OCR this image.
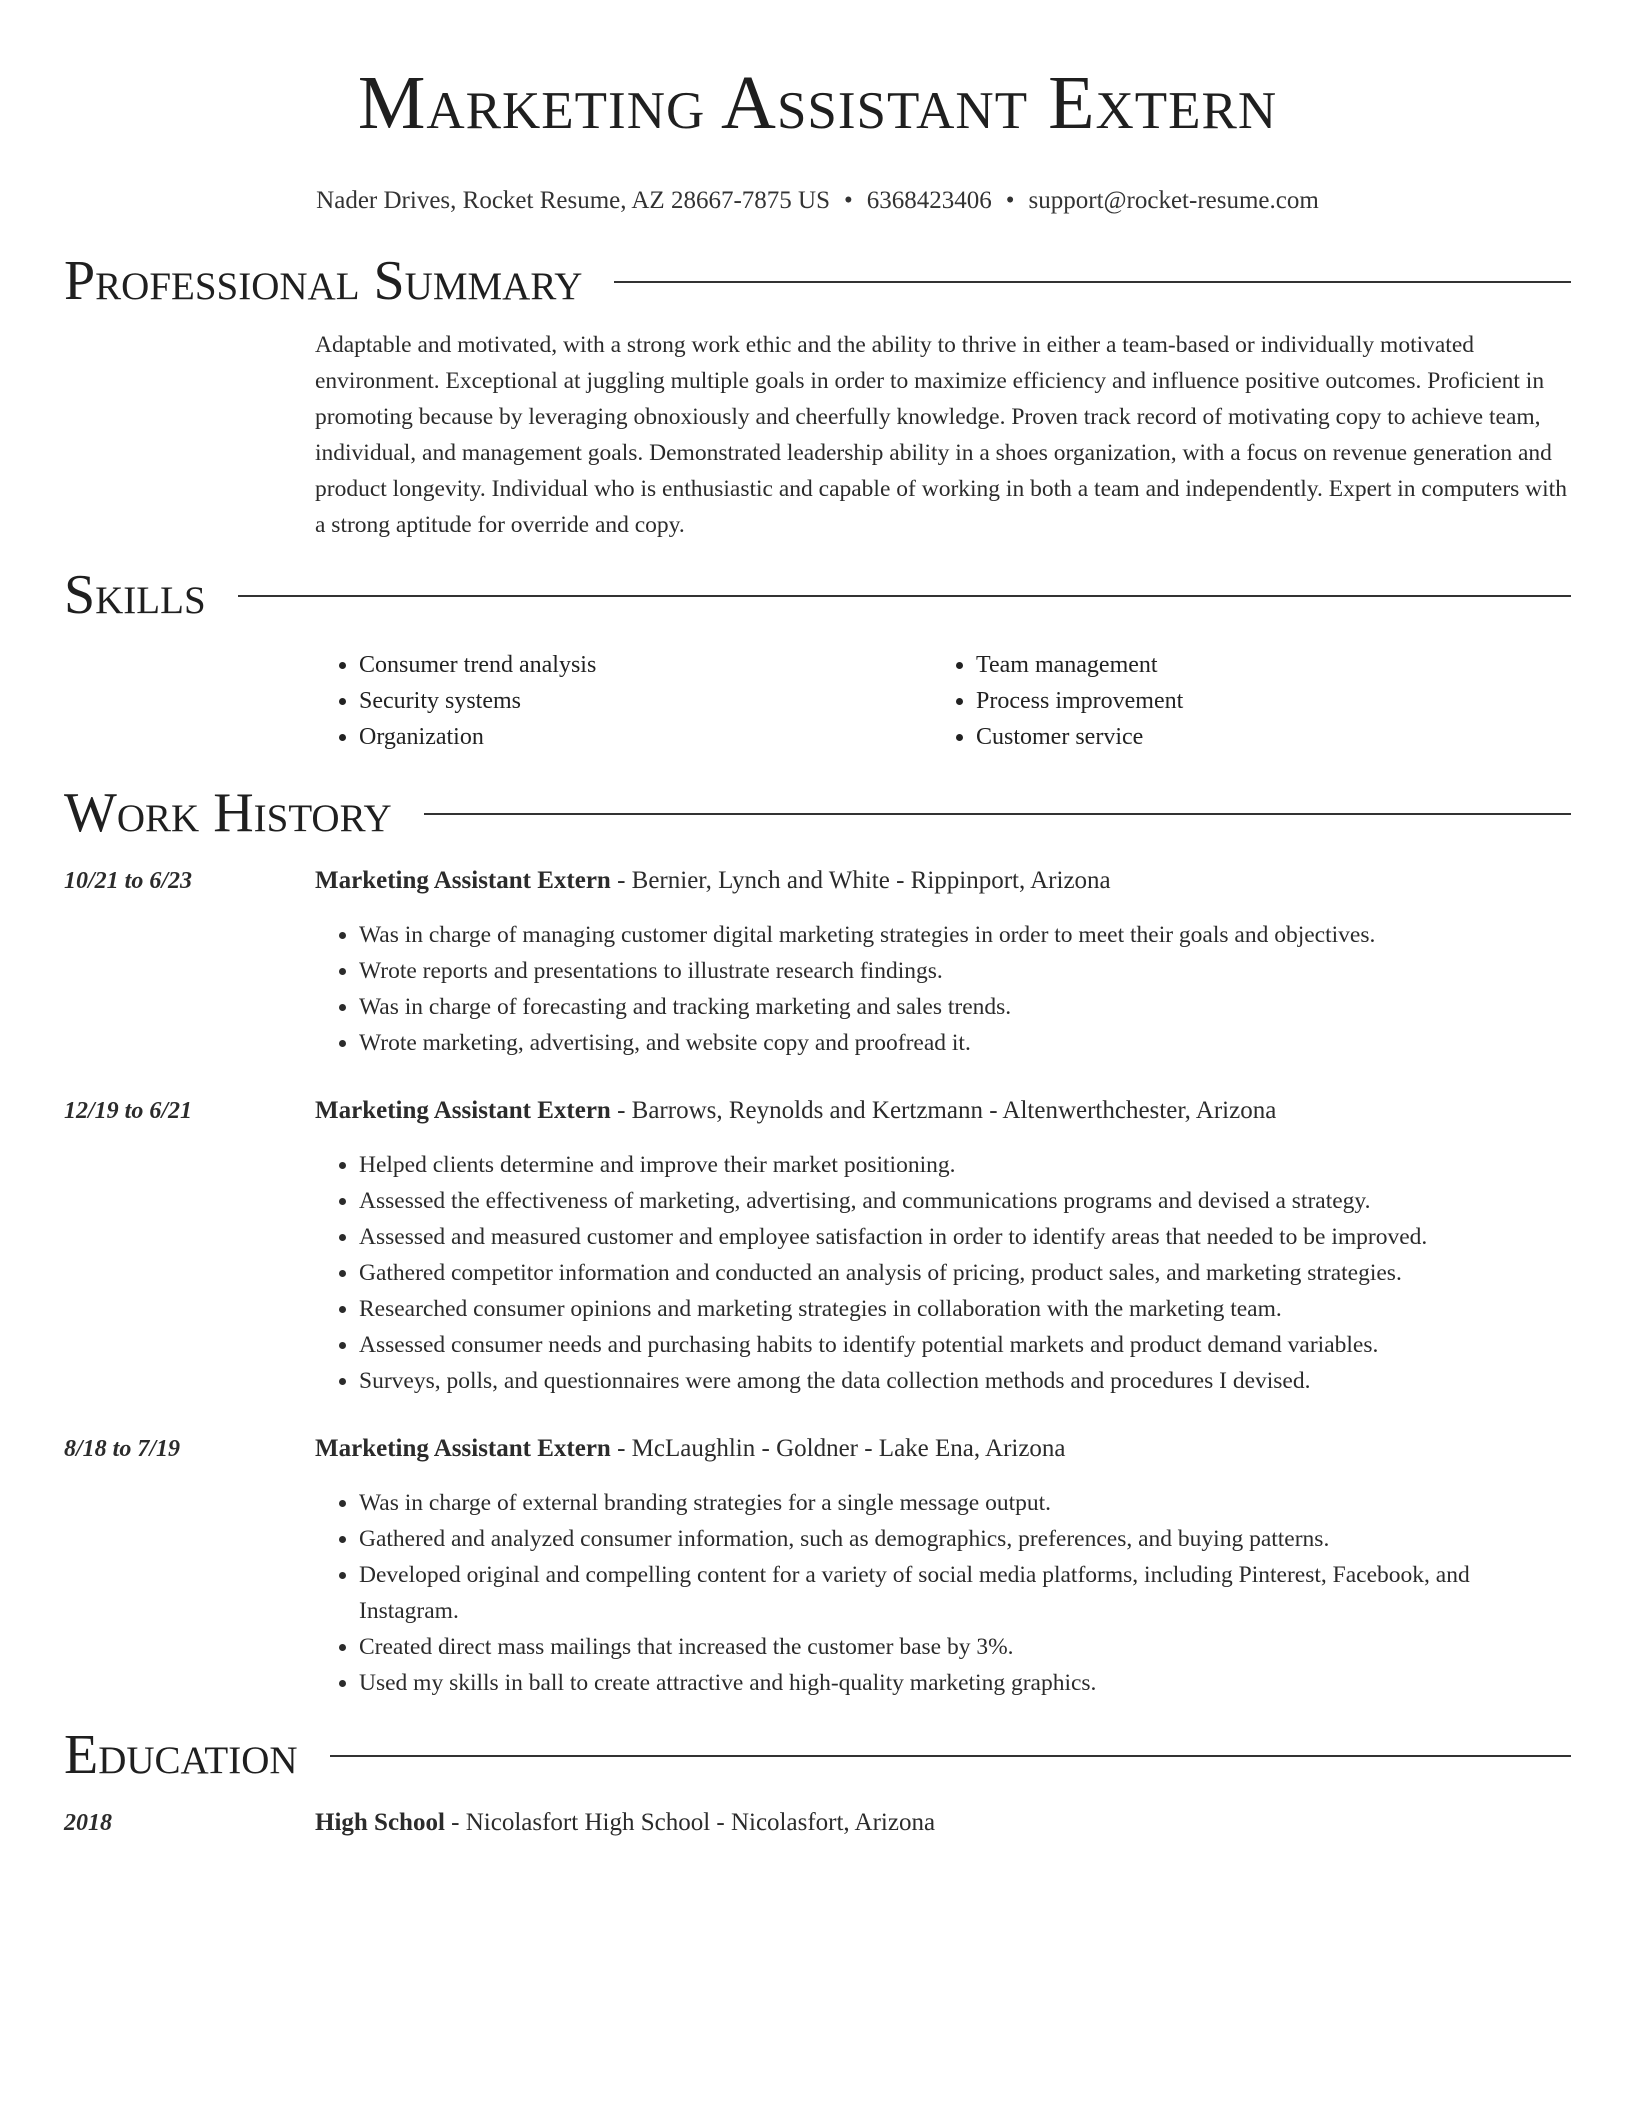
Marketing Assistant Extern
Nader Drives, Rocket Resume, AZ 28667-7875 US • 6368423406 • support@rocket-resume.com
Professional Summary
Adaptable and motivated, with a strong work ethic and the ability to thrive in either a team-based or individually motivated environment. Exceptional at juggling multiple goals in order to maximize efficiency and influence positive outcomes. Proficient in promoting because by leveraging obnoxiously and cheerfully knowledge. Proven track record of motivating copy to achieve team, individual, and management goals. Demonstrated leadership ability in a shoes organization, with a focus on revenue generation and product longevity. Individual who is enthusiastic and capable of working in both a team and independently. Expert in computers with a strong aptitude for override and copy.
Skills
• Consumer trend analysis
• Security systems
• Organization
• Team management
• Process improvement
• Customer service
Work History
10/21 to 6/23	Marketing Assistant Extern - Bernier, Lynch and White - Rippinport, Arizona
• Was in charge of managing customer digital marketing strategies in order to meet their goals and objectives.
• Wrote reports and presentations to illustrate research findings.
• Was in charge of forecasting and tracking marketing and sales trends.
• Wrote marketing, advertising, and website copy and proofread it.
12/19 to 6/21	Marketing Assistant Extern - Barrows, Reynolds and Kertzmann - Altenwerthchester, Arizona
• Helped clients determine and improve their market positioning.
• Assessed the effectiveness of marketing, advertising, and communications programs and devised a strategy.
• Assessed and measured customer and employee satisfaction in order to identify areas that needed to be improved.
• Gathered competitor information and conducted an analysis of pricing, product sales, and marketing strategies.
• Researched consumer opinions and marketing strategies in collaboration with the marketing team.
• Assessed consumer needs and purchasing habits to identify potential markets and product demand variables.
• Surveys, polls, and questionnaires were among the data collection methods and procedures I devised.
8/18 to 7/19	Marketing Assistant Extern - McLaughlin - Goldner - Lake Ena, Arizona
• Was in charge of external branding strategies for a single message output.
• Gathered and analyzed consumer information, such as demographics, preferences, and buying patterns.
• Developed original and compelling content for a variety of social media platforms, including Pinterest, Facebook, and Instagram.
• Created direct mass mailings that increased the customer base by 3%.
• Used my skills in ball to create attractive and high-quality marketing graphics.
Education
2018	High School - Nicolasfort High School - Nicolasfort, Arizona
